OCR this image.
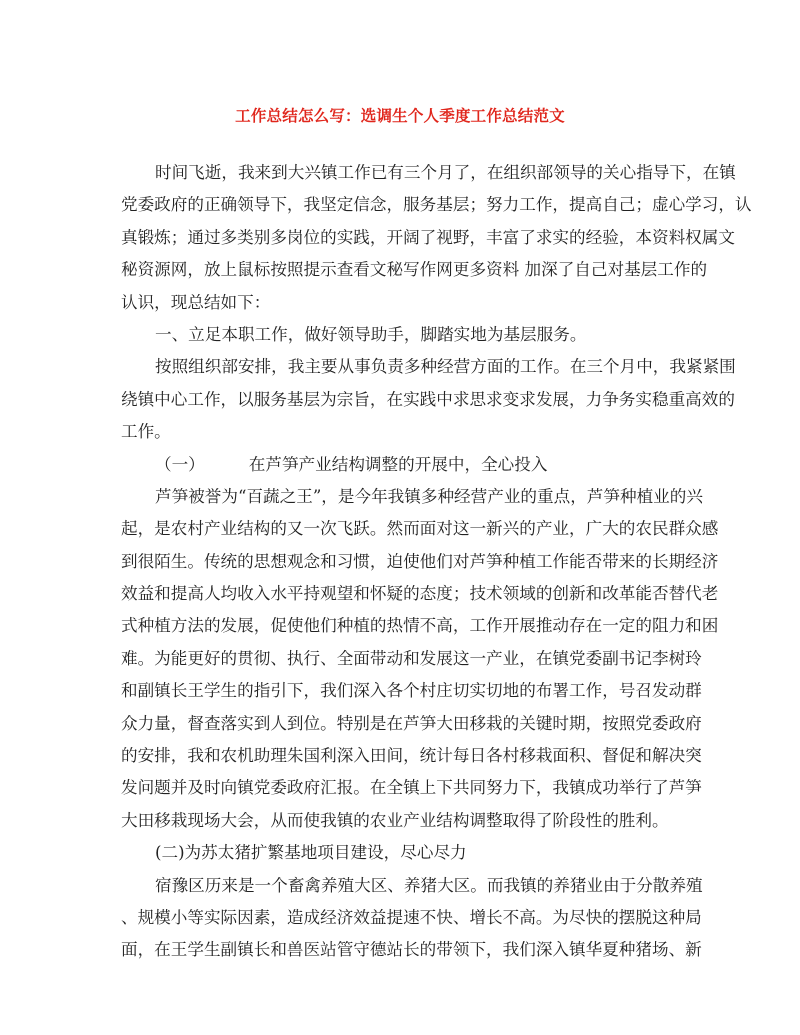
工作总结怎么写：选调生个人季度工作总结范文
时间飞逝，我来到大兴镇工作已有三个月了，在组织部领导的关心指导下，在镇
党委政府的正确领导下，我坚定信念，服务基层；努力工作，提高自己；虚心学习，认
真锻炼；通过多类别多岗位的实践，开阔了视野，丰富了求实的经验，本资料权属文
秘资源网，放上鼠标按照提示查看文秘写作网更多资料 加深了自己对基层工作的
认识，现总结如下：
一、立足本职工作，做好领导助手，脚踏实地为基层服务。
按照组织部安排，我主要从事负责多种经营方面的工作。在三个月中，我紧紧围
绕镇中心工作，以服务基层为宗旨，在实践中求思求变求发展，力争务实稳重高效的
工作。
（一）	在芦笋产业结构调整的开展中，全心投入
芦笋被誉为“百蔬之王”，是今年我镇多种经营产业的重点，芦笋种植业的兴
起，是农村产业结构的又一次飞跃。然而面对这一新兴的产业，广大的农民群众感
到很陌生。传统的思想观念和习惯，迫使他们对芦笋种植工作能否带来的长期经济
效益和提高人均收入水平持观望和怀疑的态度；技术领域的创新和改革能否替代老
式种植方法的发展，促使他们种植的热情不高，工作开展推动存在一定的阻力和困
难。为能更好的贯彻、执行、全面带动和发展这一产业，在镇党委副书记李树玲
和副镇长王学生的指引下，我们深入各个村庄切实切地的布署工作，号召发动群
众力量，督查落实到人到位。特别是在芦笋大田移栽的关键时期，按照党委政府
的安排，我和农机助理朱国利深入田间，统计每日各村移栽面积、督促和解决突
发问题并及时向镇党委政府汇报。在全镇上下共同努力下，我镇成功举行了芦笋
大田移栽现场大会，从而使我镇的农业产业结构调整取得了阶段性的胜利。
(二)为苏太猪扩繁基地项目建设，尽心尽力
宿豫区历来是一个畜禽养殖大区、养猪大区。而我镇的养猪业由于分散养殖
、规模小等实际因素，造成经济效益提速不快、增长不高。为尽快的摆脱这种局
面，在王学生副镇长和兽医站管守德站长的带领下，我们深入镇华夏种猪场、新
